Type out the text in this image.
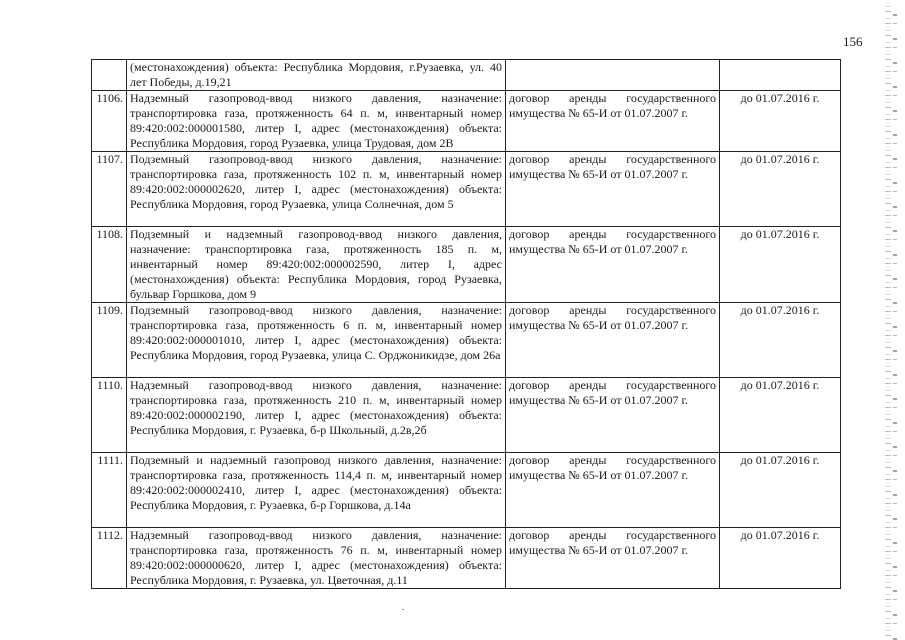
156
	(местонахождения) объекта: Республика Мордовия, г.Рузаевка, ул. 40 лет Победы, д.19,21			
1106.	Надземный газопровод-ввод низкого давления, назначение: транспортировка газа, протяженность 64 п. м, инвентарный номер 89:420:002:000001580, литер I, адрес (местонахождения) объекта: Республика Мордовия, город Рузаевка, улица Трудовая, дом 2В	договор аренды государственного имущества № 65-И от 01.07.2007 г.	до 01.07.2016 г.	
1107.	Подземный газопровод-ввод низкого давления, назначение: транспортировка газа, протяженность 102 п. м, инвентарный номер 89:420:002:000002620, литер I, адрес (местонахождения) объекта: Республика Мордовия, город Рузаевка, улица Солнечная, дом 5	договор аренды государственного имущества № 65-И от 01.07.2007 г.	до 01.07.2016 г.	
1108.	Подземный и надземный газопровод-ввод низкого давления, назначение: транспортировка газа, протяженность 185 п. м, инвентарный номер 89:420:002:000002590, литер I, адрес (местонахождения) объекта: Республика Мордовия, город Рузаевка, бульвар Горшкова, дом 9	договор аренды государственного имущества № 65-И от 01.07.2007 г.	до 01.07.2016 г.	
1109.	Подземный газопровод-ввод низкого давления, назначение: транспортировка газа, протяженность 6 п. м, инвентарный номер 89:420:002:000001010, литер I, адрес (местонахождения) объекта: Республика Мордовия, город Рузаевка, улица С. Орджоникидзе, дом 26а	договор аренды государственного имущества № 65-И от 01.07.2007 г.	до 01.07.2016 г.	
1110.	Надземный газопровод-ввод низкого давления, назначение: транспортировка газа, протяженность 210 п. м, инвентарный номер 89:420:002:000002190, литер I, адрес (местонахождения) объекта: Республика Мордовия, г. Рузаевка, б-р Школьный, д.2в,2б	договор аренды государственного имущества № 65-И от 01.07.2007 г.	до 01.07.2016 г.	
1111.	Подземный и надземный газопровод низкого давления, назначение: транспортировка газа, протяженность 114,4 п. м, инвентарный номер 89:420:002:000002410, литер I, адрес (местонахождения) объекта: Республика Мордовия, г. Рузаевка, б-р Горшкова, д.14а	договор аренды государственного имущества № 65-И от 01.07.2007 г.	до 01.07.2016 г.	
1112.	Надземный газопровод-ввод низкого давления, назначение: транспортировка газа, протяженность 76 п. м, инвентарный номер 89:420:002:000000620, литер I, адрес (местонахождения) объекта: Республика Мордовия, г. Рузаевка, ул. Цветочная, д.11	договор аренды государственного имущества № 65-И от 01.07.2007 г.	до 01.07.2016 г.	
